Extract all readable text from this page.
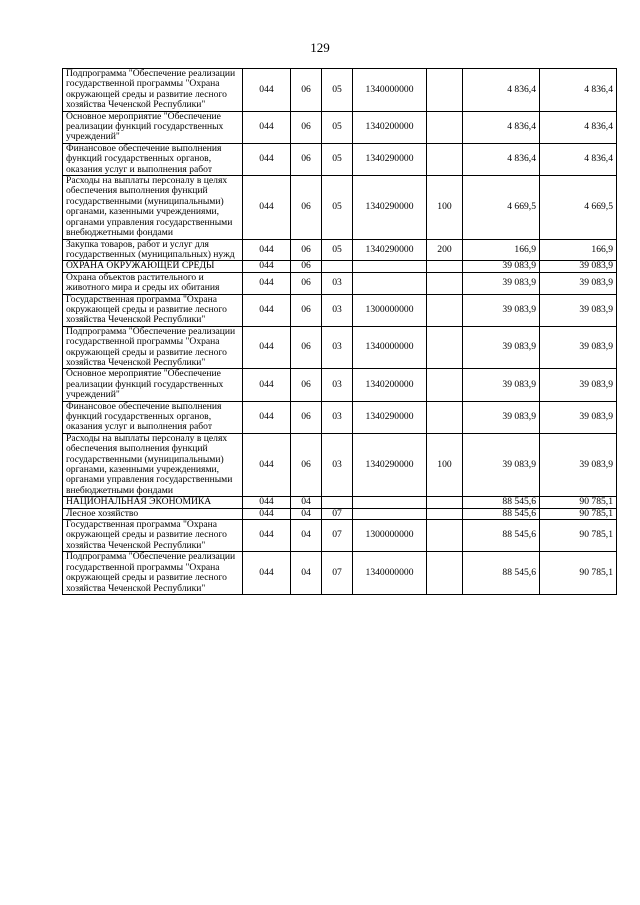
129
Подпрограмма "Обеспечение реализации государственной программы "Охрана окружающей среды и развитие лесного хозяйства Чеченской Республики"	044	06	05	1340000000		4 836,4	4 836,4
Основное мероприятие "Обеспечение реализации функций государственных учреждений"	044	06	05	1340200000		4 836,4	4 836,4
Финансовое обеспечение выполнения функций государственных органов, оказания услуг и выполнения работ	044	06	05	1340290000		4 836,4	4 836,4
Расходы на выплаты персоналу в целях обеспечения выполнения функций государственными (муниципальными) органами, казенными учреждениями, органами управления государственными внебюджетными фондами	044	06	05	1340290000	100	4 669,5	4 669,5
Закупка товаров, работ и услуг для государственных (муниципальных) нужд	044	06	05	1340290000	200	166,9	166,9
ОХРАНА ОКРУЖАЮЩЕЙ СРЕДЫ	044	06				39 083,9	39 083,9
Охрана объектов растительного и животного мира и среды их обитания	044	06	03			39 083,9	39 083,9
Государственная программа "Охрана окружающей среды и развитие лесного хозяйства Чеченской Республики"	044	06	03	1300000000		39 083,9	39 083,9
Подпрограмма "Обеспечение реализации государственной программы "Охрана окружающей среды и развитие лесного хозяйства Чеченской Республики"	044	06	03	1340000000		39 083,9	39 083,9
Основное мероприятие "Обеспечение реализации функций государственных учреждений"	044	06	03	1340200000		39 083,9	39 083,9
Финансовое обеспечение выполнения функций государственных органов, оказания услуг и выполнения работ	044	06	03	1340290000		39 083,9	39 083,9
Расходы на выплаты персоналу в целях обеспечения выполнения функций государственными (муниципальными) органами, казенными учреждениями, органами управления государственными внебюджетными фондами	044	06	03	1340290000	100	39 083,9	39 083,9
НАЦИОНАЛЬНАЯ ЭКОНОМИКА	044	04				88 545,6	90 785,1
Лесное хозяйство	044	04	07			88 545,6	90 785,1
Государственная программа "Охрана окружающей среды и развитие лесного хозяйства Чеченской Республики"	044	04	07	1300000000		88 545,6	90 785,1
Подпрограмма "Обеспечение реализации государственной программы "Охрана окружающей среды и развитие лесного хозяйства Чеченской Республики"	044	04	07	1340000000		88 545,6	90 785,1
